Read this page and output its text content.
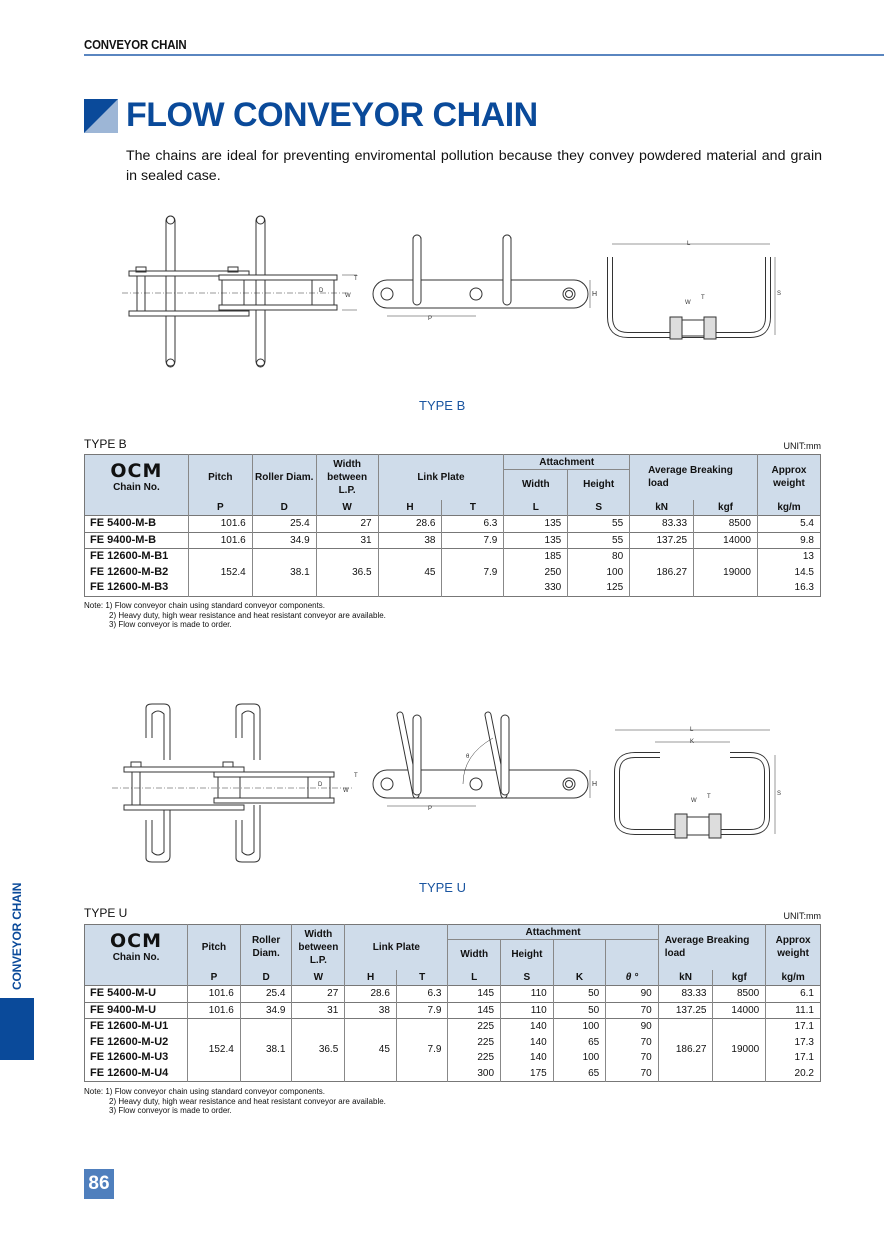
CONVEYOR CHAIN
FLOW CONVEYOR CHAIN
The chains are ideal for preventing enviromental pollution because they convey powdered material and grain in sealed case.
T
W
D
P
H
L
S
W
T
TYPE B
TYPE B	UNIT:mm
OCM
Chain No.	Pitch	Roller Diam.	Width between L.P.	Link Plate		Attachment		Average Breaking load		Approx weight
						Width	Height			

	P	D	W	H	T	L	S	kN	kgf	kg/m
FE 5400-M-B	101.6	25.4	27	28.6	6.3	135	55	83.33	8500	5.4
FE 9400-M-B	101.6	34.9	31	38	7.9	135	55	137.25	14000	9.8
FE 12600-M-B1	152.4	38.1	36.5	45	7.9	185	80	186.27	19000	13
FE 12600-M-B2						250	100			14.5
FE 12600-M-B3						330	125			16.3
Note: 1) Flow conveyor chain using standard conveyor components.
2) Heavy duty, high wear resistance and heat resistant conveyor are available.
3) Flow conveyor is made to order.
T
W
D
θ
P
H
L
K
S
W
T
TYPE U
TYPE U	UNIT:mm
OCM
Chain No.	Pitch	Roller Diam.	Width between L.P.	Link Plate		Attachment				Average Breaking load		Approx weight
						Width	Height					

	P	D	W	H	T	L	S	K	θ °	kN	kgf	kg/m
FE 5400-M-U	101.6	25.4	27	28.6	6.3	145	110	50	90	83.33	8500	6.1
FE 9400-M-U	101.6	34.9	31	38	7.9	145	110	50	70	137.25	14000	11.1
FE 12600-M-U1	152.4	38.1	36.5	45	7.9	225	140	100	90	186.27	19000	17.1
FE 12600-M-U2						225	140	65	70			17.3
FE 12600-M-U3						225	140	100	70			17.1
FE 12600-M-U4						300	175	65	70			20.2
Note: 1) Flow conveyor chain using standard conveyor components.
2) Heavy duty, high wear resistance and heat resistant conveyor are available.
3) Flow conveyor is made to order.
CONVEYOR CHAIN
86
